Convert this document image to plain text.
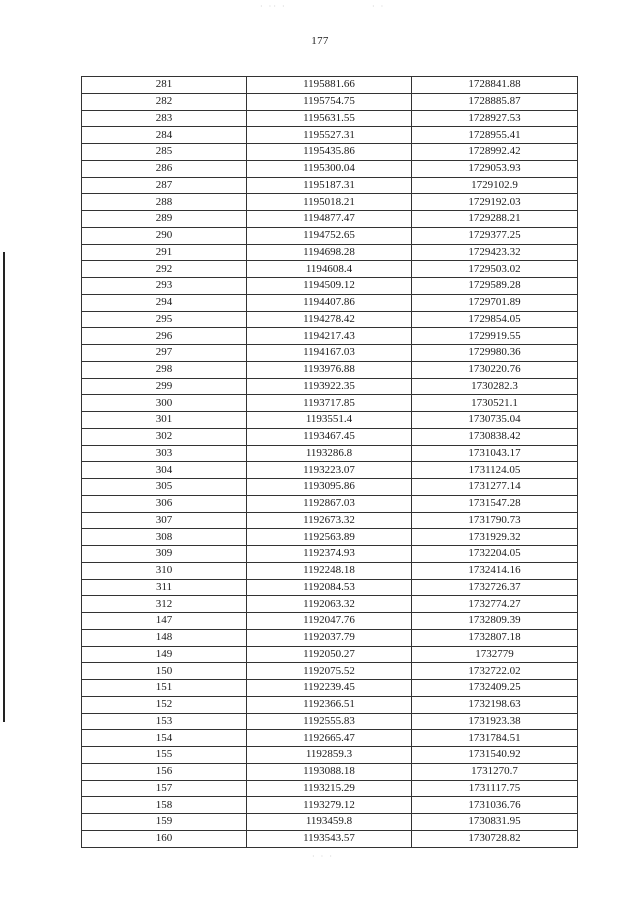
177
· ·· ·	· ·
· · ·
281	1195881.66	1728841.88
282	1195754.75	1728885.87
283	1195631.55	1728927.53
284	1195527.31	1728955.41
285	1195435.86	1728992.42
286	1195300.04	1729053.93
287	1195187.31	1729102.9
288	1195018.21	1729192.03
289	1194877.47	1729288.21
290	1194752.65	1729377.25
291	1194698.28	1729423.32
292	1194608.4	1729503.02
293	1194509.12	1729589.28
294	1194407.86	1729701.89
295	1194278.42	1729854.05
296	1194217.43	1729919.55
297	1194167.03	1729980.36
298	1193976.88	1730220.76
299	1193922.35	1730282.3
300	1193717.85	1730521.1
301	1193551.4	1730735.04
302	1193467.45	1730838.42
303	1193286.8	1731043.17
304	1193223.07	1731124.05
305	1193095.86	1731277.14
306	1192867.03	1731547.28
307	1192673.32	1731790.73
308	1192563.89	1731929.32
309	1192374.93	1732204.05
310	1192248.18	1732414.16
311	1192084.53	1732726.37
312	1192063.32	1732774.27
147	1192047.76	1732809.39
148	1192037.79	1732807.18
149	1192050.27	1732779
150	1192075.52	1732722.02
151	1192239.45	1732409.25
152	1192366.51	1732198.63
153	1192555.83	1731923.38
154	1192665.47	1731784.51
155	1192859.3	1731540.92
156	1193088.18	1731270.7
157	1193215.29	1731117.75
158	1193279.12	1731036.76
159	1193459.8	1730831.95
160	1193543.57	1730728.82
